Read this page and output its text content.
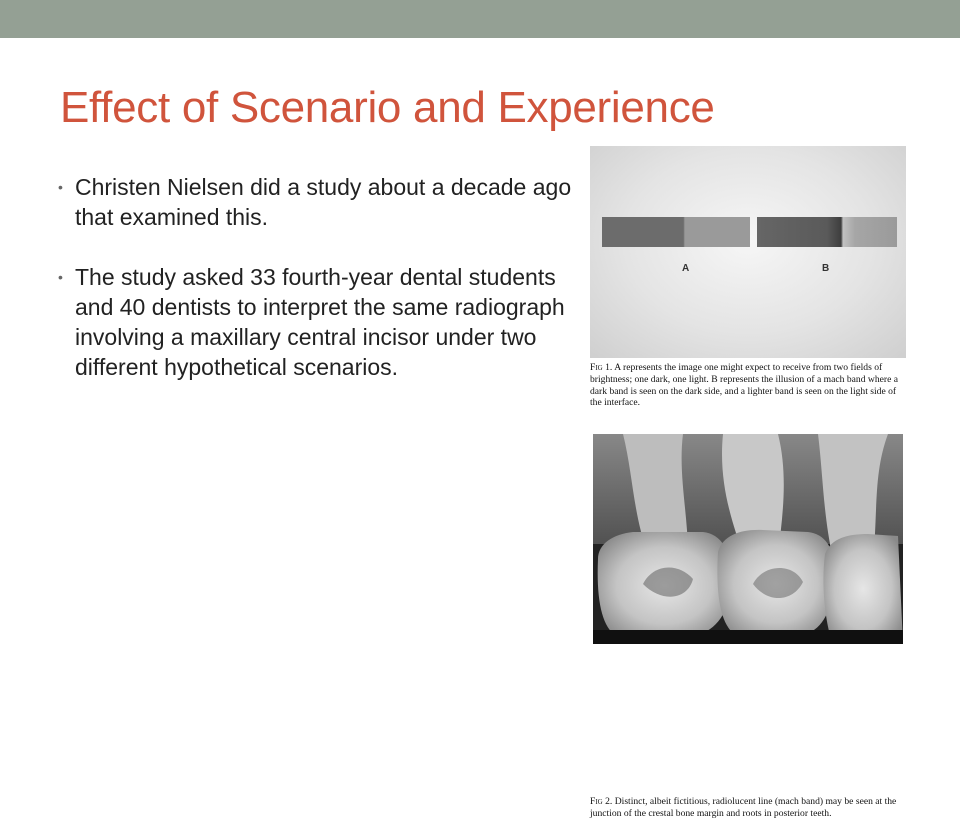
Effect of Scenario and Experience
• Christen Nielsen did a study about a decade ago that examined this.
• The study asked 33 fourth-year dental students and 40 dentists to interpret the same radiograph involving a maxillary central incisor under two different hypothetical scenarios.
A	B
Fig 1. A represents the image one might expect to receive from two fields of brightness; one dark, one light. B represents the illusion of a mach band where a dark band is seen on the dark side, and a lighter band is seen on the light side of the interface.
Fig 2. Distinct, albeit fictitious, radiolucent line (mach band) may be seen at the junction of the crestal bone margin and roots in posterior teeth.
